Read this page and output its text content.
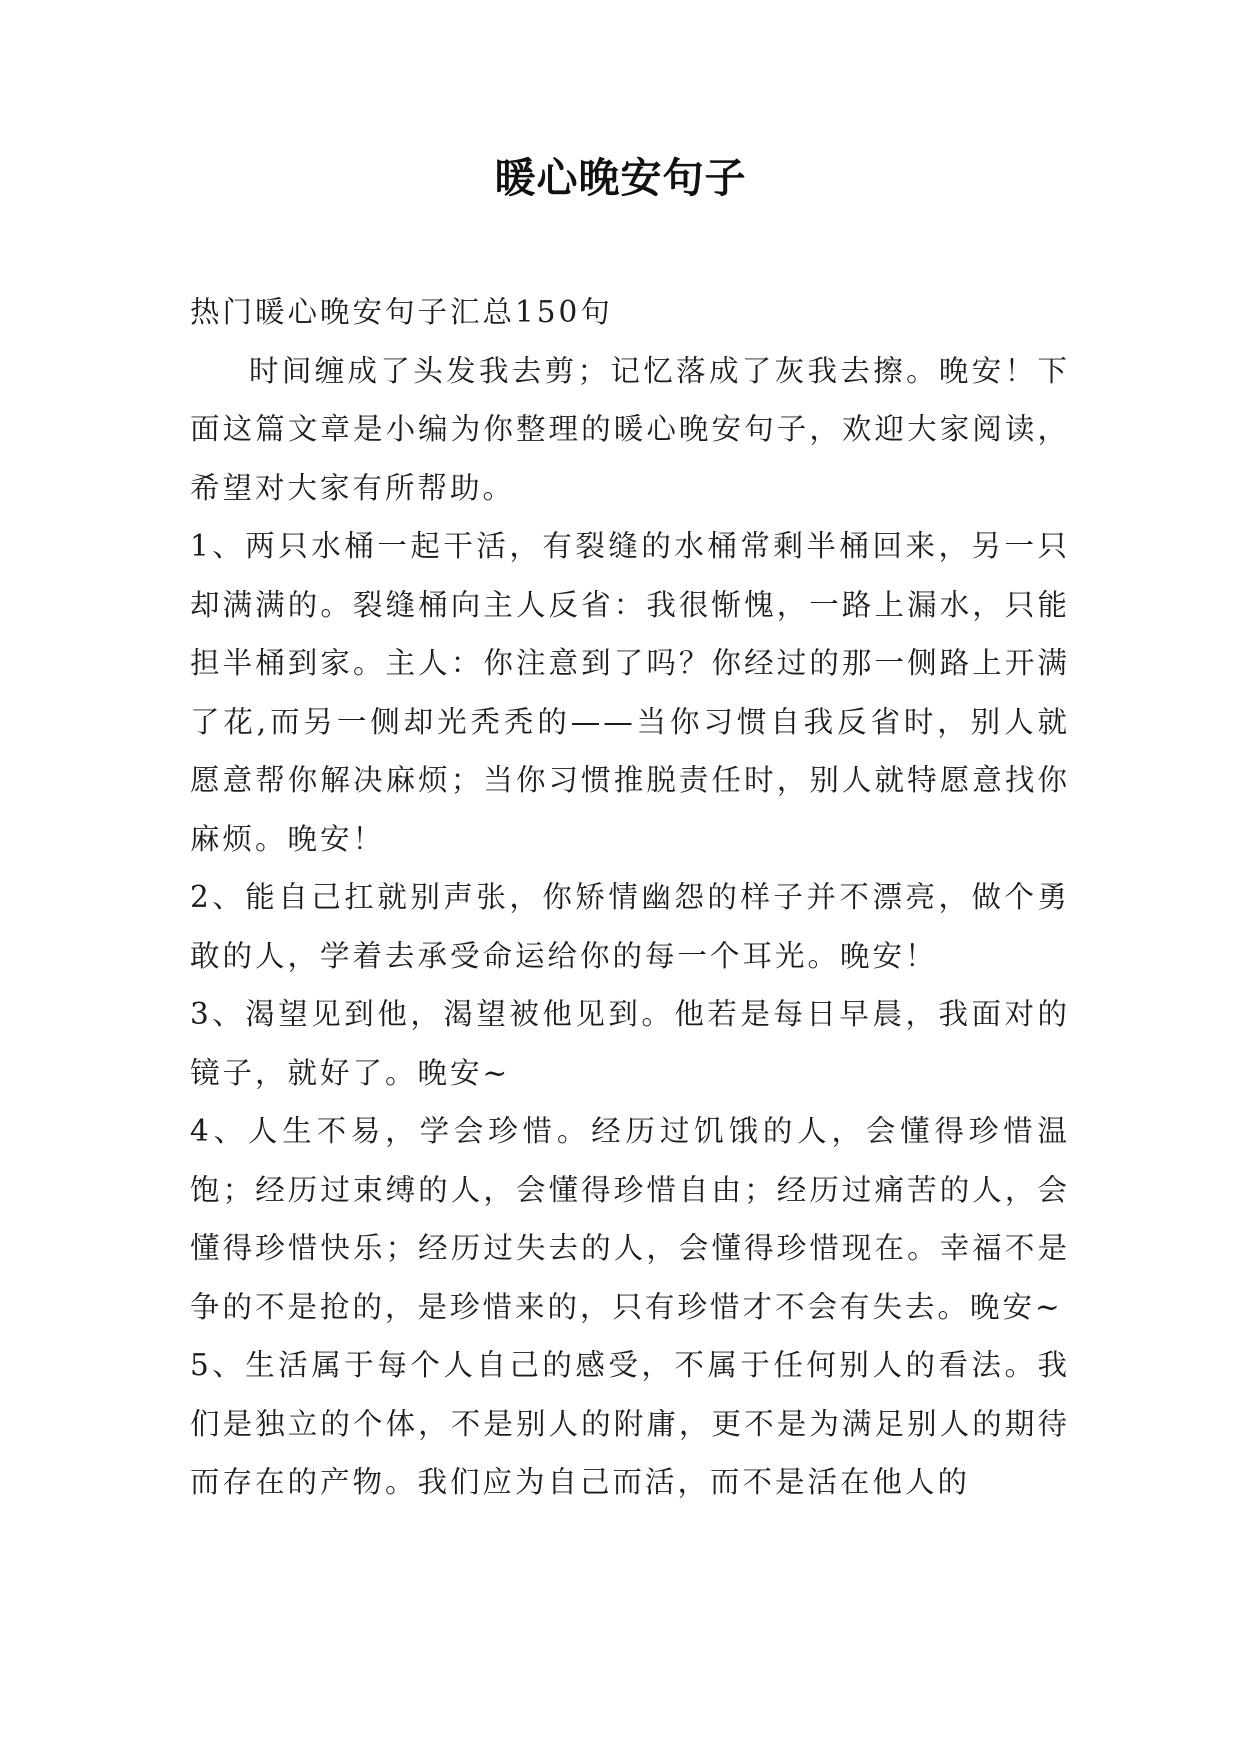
暖心晚安句子

热门暖心晚安句子汇总150句

时间缠成了头发我去剪；记忆落成了灰我去擦。晚安！下面这篇文章是小编为你整理的暖心晚安句子，欢迎大家阅读，希望对大家有所帮助。

1、两只水桶一起干活，有裂缝的水桶常剩半桶回来，另一只却满满的。裂缝桶向主人反省：我很惭愧，一路上漏水，只能担半桶到家。主人：你注意到了吗？你经过的那一侧路上开满了花,而另一侧却光秃秃的——当你习惯自我反省时，别人就愿意帮你解决麻烦；当你习惯推脱责任时，别人就特愿意找你麻烦。晚安！

2、能自己扛就别声张，你矫情幽怨的样子并不漂亮，做个勇敢的人，学着去承受命运给你的每一个耳光。晚安！

3、渴望见到他，渴望被他见到。他若是每日早晨，我面对的镜子，就好了。晚安~

4、人生不易，学会珍惜。经历过饥饿的人，会懂得珍惜温饱；经历过束缚的人，会懂得珍惜自由；经历过痛苦的人，会懂得珍惜快乐；经历过失去的人，会懂得珍惜现在。幸福不是争的不是抢的，是珍惜来的，只有珍惜才不会有失去。晚安~

5、生活属于每个人自己的感受，不属于任何别人的看法。我们是独立的个体，不是别人的附庸，更不是为满足别人的期待而存在的产物。我们应为自己而活，而不是活在他人的
